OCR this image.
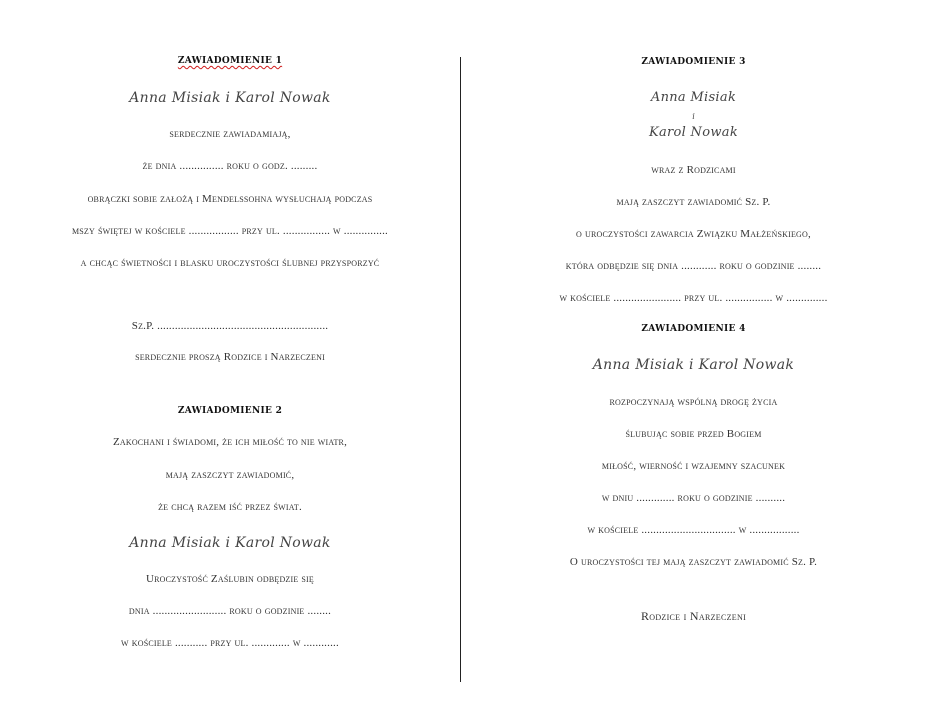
ZAWIADOMIENIE 1
Anna Misiak i Karol Nowak
serdecznie zawiadamiają,
że dnia ............... roku o godz. .........
obrączki sobie założą i Mendelssohna wysłuchają podczas
mszy świętej w kościele ................. przy ul. ................ w ...............
a chcąc świetności i blasku uroczystości ślubnej przysporzyć
Sz.P. ..........................................................
serdecznie proszą Rodzice i Narzeczeni
ZAWIADOMIENIE 2
Zakochani i świadomi, że ich miłość to nie wiatr,
mają zaszczyt zawiadomić,
że chcą razem iść przez świat.
Anna Misiak i Karol Nowak
Uroczystość Zaślubin odbędzie się
dnia ......................... roku o godzinie ........
w kościele ........... przy ul. ............. w ............
ZAWIADOMIENIE 3
Anna Misiak
i
Karol Nowak
wraz z Rodzicami
mają zaszczyt zawiadomić Sz. P.
o uroczystości zawarcia Związku Małżeńskiego,
która odbędzie się dnia ............ roku o godzinie ........
w kościele ....................... przy ul. ................ w ..............
ZAWIADOMIENIE 4
Anna Misiak i Karol Nowak
rozpoczynają wspólną drogę życia
ślubując sobie przed Bogiem
miłość, wierność i wzajemny szacunek
w dniu ............. roku o godzinie ..........
w kościele ................................ w .................
O uroczystości tej mają zaszczyt zawiadomić Sz. P.
Rodzice i Narzeczeni
